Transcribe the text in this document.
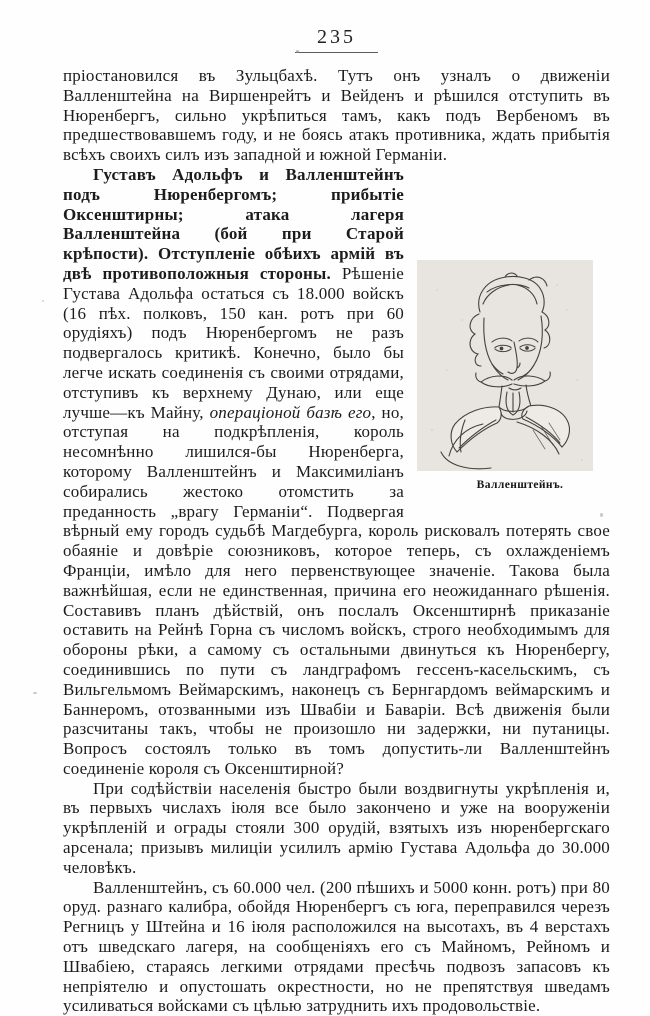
235

пріостановился въ Зульцбахѣ. Тутъ онъ узналъ о движеніи Валленштейна на Виршенрейтъ и Вейденъ и рѣшился отступить въ Нюренбергъ, сильно укрѣпиться тамъ, какъ подъ Вербеномъ въ предшествовавшемъ году, и не боясь атакъ противника, ждать прибытія всѣхъ своихъ силъ изъ западной и южной Германіи.

Валленштейнъ.
Густавъ Адольфъ и Валленштейнъ подъ Нюренбергомъ; прибытіе Оксенштирны; атака лагеря Валленштейна (бой при Старой крѣпости). Отступленіе обѣихъ армій въ двѣ противоположныя стороны. Рѣшеніе Густава Адольфа остаться съ 18.000 войскъ (16 пѣх. полковъ, 150 кан. ротъ при 60 орудіяхъ) подъ Нюренбергомъ не разъ подвергалось критикѣ. Конечно, было бы легче искать соединенія съ своими отрядами, отступивъ къ верхнему Дунаю, или еще лучше—къ Майну, операціоной базѣ его, но, отступая на подкрѣпленія, король несомнѣнно лишился-бы Нюренберга, которому Валленштейнъ и Максимиліанъ собирались жестоко отомстить за преданность „врагу Германіи“. Подвергая вѣрный ему городъ судьбѣ Магдебурга, король рисковалъ потерять свое обаяніе и довѣріе союзниковъ, которое теперь, съ охлажденіемъ Франціи, имѣло для него первенствующее значеніе. Такова была важнѣйшая, если не единственная, причина его неожиданнаго рѣшенія. Составивъ планъ дѣйствій, онъ послалъ Оксенштирнѣ приказаніе оставить на Рейнѣ Горна съ числомъ войскъ, строго необходимымъ для обороны рѣки, а самому съ остальными двинуться къ Нюренбергу, соединившись по пути съ ландграфомъ гессенъ-касельскимъ, съ Вильгельмомъ Веймарскимъ, наконецъ съ Бернгардомъ веймарскимъ и Баннеромъ, отозванными изъ Швабіи и Баваріи. Всѣ движенія были разсчитаны такъ, чтобы не произошло ни задержки, ни путаницы. Вопросъ состоялъ только въ томъ допустить-ли Валленштейнъ соединеніе короля съ Оксенштирной?

При содѣйствіи населенія быстро были воздвигнуты укрѣпленія и, въ первыхъ числахъ іюля все было закончено и уже на вооруженіи укрѣпленій и ограды стояли 300 орудій, взятыхъ изъ нюренбергскаго арсенала; призывъ милиціи усилилъ армію Густава Адольфа до 30.000 человѣкъ.

Валленштейнъ, съ 60.000 чел. (200 пѣшихъ и 5000 конн. ротъ) при 80 оруд. разнаго калибра, обойдя Нюренбергъ съ юга, переправился черезъ Регницъ у Штейна и 16 іюля расположился на высотахъ, въ 4 верстахъ отъ шведскаго лагеря, на сообщеніяхъ его съ Майномъ, Рейномъ и Швабіею, стараясь легкими отрядами пресѣчь подвозъ запасовъ къ непріятелю и опустошать окрестности, но не препятствуя шведамъ усиливаться войсками съ цѣлью затруднить ихъ продовольствіе.
